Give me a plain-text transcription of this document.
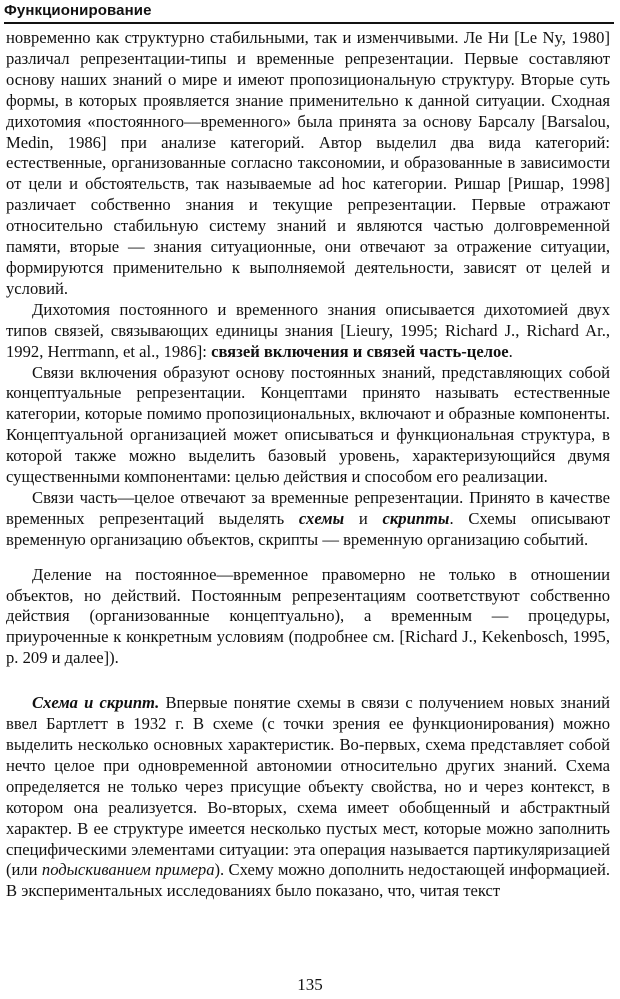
Функционирование

новременно как структурно стабильными, так и изменчивыми. Ле Ни [Le Ny, 1980] различал репрезентации-типы и временные репрезентации. Первые составляют основу наших знаний о мире и имеют пропозициональную структуру. Вторые суть формы, в которых проявляется знание применительно к данной ситуации. Сходная дихотомия «постоянного—временного» была принята за основу Барсалу [Barsalou, Medin, 1986] при анализе категорий. Автор выделил два вида категорий: естественные, организованные согласно таксономии, и образованные в зависимости от цели и обстоятельств, так называемые ad hoc категории. Ришар [Ришар, 1998] различает собственно знания и текущие репрезентации. Первые отражают относительно стабильную систему знаний и являются частью долговременной памяти, вторые — знания ситуационные, они отвечают за отражение ситуации, формируются применительно к выполняемой деятельности, зависят от целей и условий.

Дихотомия постоянного и временного знания описывается дихотомией двух типов связей, связывающих единицы знания [Lieury, 1995; Richard J., Richard Ar., 1992, Herrmann, et al., 1986]: связей включения и связей часть-целое.

Связи включения образуют основу постоянных знаний, представляющих собой концептуальные репрезентации. Концептами принято называть естественные категории, которые помимо пропозициональных, включают и образные компоненты. Концептуальной организацией может описываться и функциональная структура, в которой также можно выделить базовый уровень, характеризующийся двумя существенными компонентами: целью действия и способом его реализации.

Связи часть—целое отвечают за временные репрезентации. Принято в качестве временных репрезентаций выделять схемы и скрипты. Схемы описывают временную организацию объектов, скрипты — временную организацию событий.

Деление на постоянное—временное правомерно не только в отношении объектов, но действий. Постоянным репрезентациям соответствуют собственно действия (организованные концептуально), а временным — процедуры, приуроченные к конкретным условиям (подробнее см. [Richard J., Kekenbosch, 1995, p. 209 и далее]).

Схема и скрипт. Впервые понятие схемы в связи с получением новых знаний ввел Бартлетт в 1932 г. В схеме (с точки зрения ее функционирования) можно выделить несколько основных характеристик. Во-первых, схема представляет собой нечто целое при одновременной автономии относительно других знаний. Схема определяется не только через присущие объекту свойства, но и через контекст, в котором она реализуется. Во-вторых, схема имеет обобщенный и абстрактный характер. В ее структуре имеется несколько пустых мест, которые можно заполнить специфическими элементами ситуации: эта операция называется партикуляризацией (или подыскиванием примера). Схему можно дополнить недостающей информацией. В экспериментальных исследованиях было показано, что, читая текст

135
